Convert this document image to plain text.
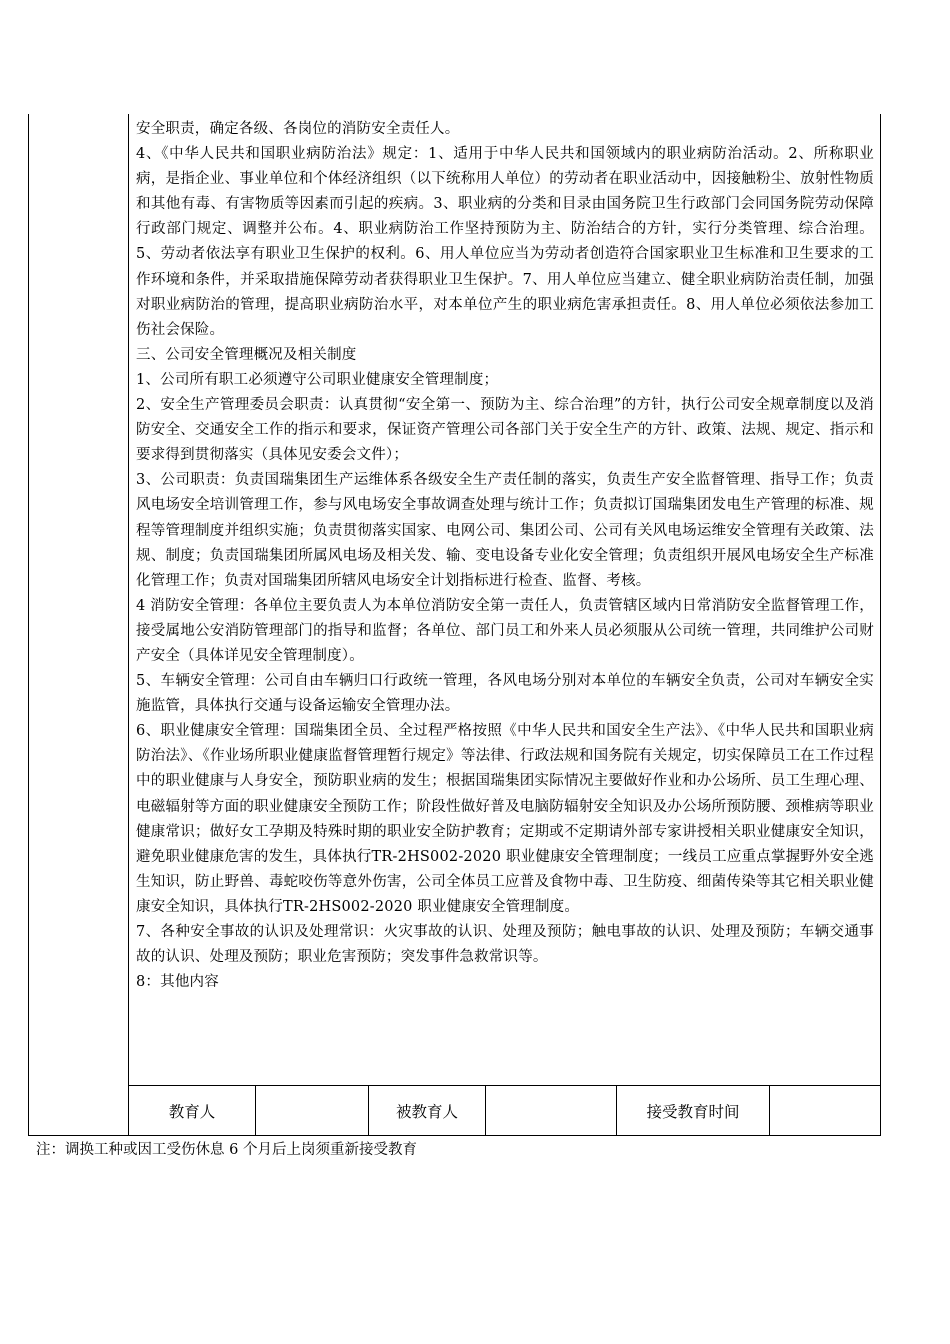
安全职责，确定各级、各岗位的消防安全责任人。

4、《中华人民共和国职业病防治法》规定：1、适用于中华人民共和国领域内的职业病防治活动。2、所称职业病，是指企业、事业单位和个体经济组织（以下统称用人单位）的劳动者在职业活动中，因接触粉尘、放射性物质和其他有毒、有害物质等因素而引起的疾病。3、职业病的分类和目录由国务院卫生行政部门会同国务院劳动保障行政部门规定、调整并公布。4、职业病防治工作坚持预防为主、防治结合的方针，实行分类管理、综合治理。5、劳动者依法享有职业卫生保护的权利。6、用人单位应当为劳动者创造符合国家职业卫生标准和卫生要求的工作环境和条件，并采取措施保障劳动者获得职业卫生保护。7、用人单位应当建立、健全职业病防治责任制，加强对职业病防治的管理，提高职业病防治水平，对本单位产生的职业病危害承担责任。8、用人单位必须依法参加工伤社会保险。

三、公司安全管理概况及相关制度

1、公司所有职工必须遵守公司职业健康安全管理制度；

2、安全生产管理委员会职责：认真贯彻“安全第一、预防为主、综合治理”的方针，执行公司安全规章制度以及消防安全、交通安全工作的指示和要求，保证资产管理公司各部门关于安全生产的方针、政策、法规、规定、指示和要求得到贯彻落实（具体见安委会文件）；

3、公司职责：负责国瑞集团生产运维体系各级安全生产责任制的落实，负责生产安全监督管理、指导工作；负责风电场安全培训管理工作，参与风电场安全事故调查处理与统计工作；负责拟订国瑞集团发电生产管理的标准、规程等管理制度并组织实施；负责贯彻落实国家、电网公司、集团公司、公司有关风电场运维安全管理有关政策、法规、制度；负责国瑞集团所属风电场及相关发、输、变电设备专业化安全管理；负责组织开展风电场安全生产标准化管理工作；负责对国瑞集团所辖风电场安全计划指标进行检查、监督、考核。

4 消防安全管理：各单位主要负责人为本单位消防安全第一责任人，负责管辖区域内日常消防安全监督管理工作，接受属地公安消防管理部门的指导和监督；各单位、部门员工和外来人员必须服从公司统一管理，共同维护公司财产安全（具体详见安全管理制度）。

5、车辆安全管理：公司自由车辆归口行政统一管理，各风电场分别对本单位的车辆安全负责，公司对车辆安全实施监管，具体执行交通与设备运输安全管理办法。

6、职业健康安全管理：国瑞集团全员、全过程严格按照《中华人民共和国安全生产法》、《中华人民共和国职业病防治法》、《作业场所职业健康监督管理暂行规定》等法律、行政法规和国务院有关规定，切实保障员工在工作过程中的职业健康与人身安全，预防职业病的发生；根据国瑞集团实际情况主要做好作业和办公场所、员工生理心理、电磁辐射等方面的职业健康安全预防工作；阶段性做好普及电脑防辐射安全知识及办公场所预防腰、颈椎病等职业健康常识；做好女工孕期及特殊时期的职业安全防护教育；定期或不定期请外部专家讲授相关职业健康安全知识，避免职业健康危害的发生，具体执行TR-2HS002-2020 职业健康安全管理制度；一线员工应重点掌握野外安全逃生知识，防止野兽、毒蛇咬伤等意外伤害，公司全体员工应普及食物中毒、卫生防疫、细菌传染等其它相关职业健康安全知识，具体执行TR-2HS002-2020 职业健康安全管理制度。

7、各种安全事故的认识及处理常识：火灾事故的认识、处理及预防；触电事故的认识、处理及预防；车辆交通事故的认识、处理及预防；职业危害预防；突发事件急救常识等。

8：其他内容

教育人	被教育人	接受教育时间
注：调换工种或因工受伤休息 6 个月后上岗须重新接受教育
